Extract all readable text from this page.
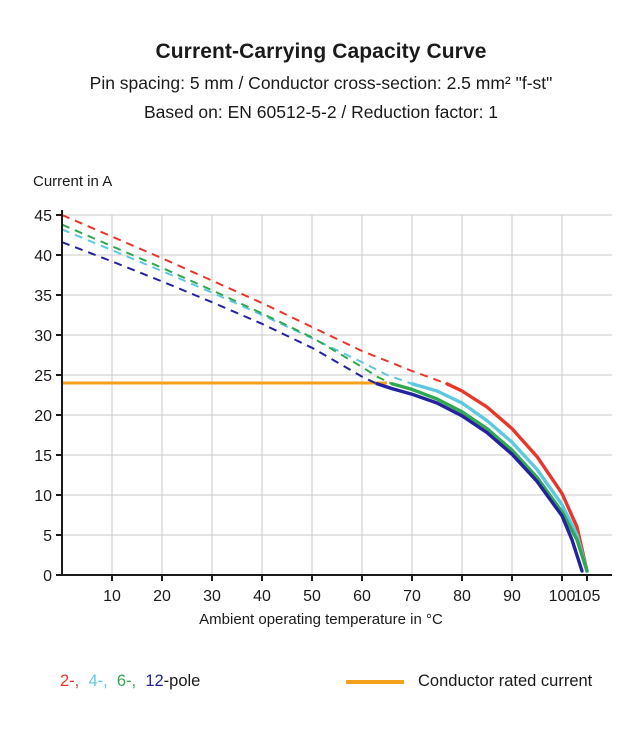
Current-Carrying Capacity Curve
Pin spacing: 5 mm / Conductor cross-section: 2.5 mm² "f-st"
Based on: EN 60512-5-2 / Reduction factor: 1
Current in A
Ambient operating temperature in °C
0
5
10
15
20
25
30
35
40
45
10 20 30 40 50 60 70 80 90 100
105
2-, 4-, 6-, 12-pole	Conductor rated current
